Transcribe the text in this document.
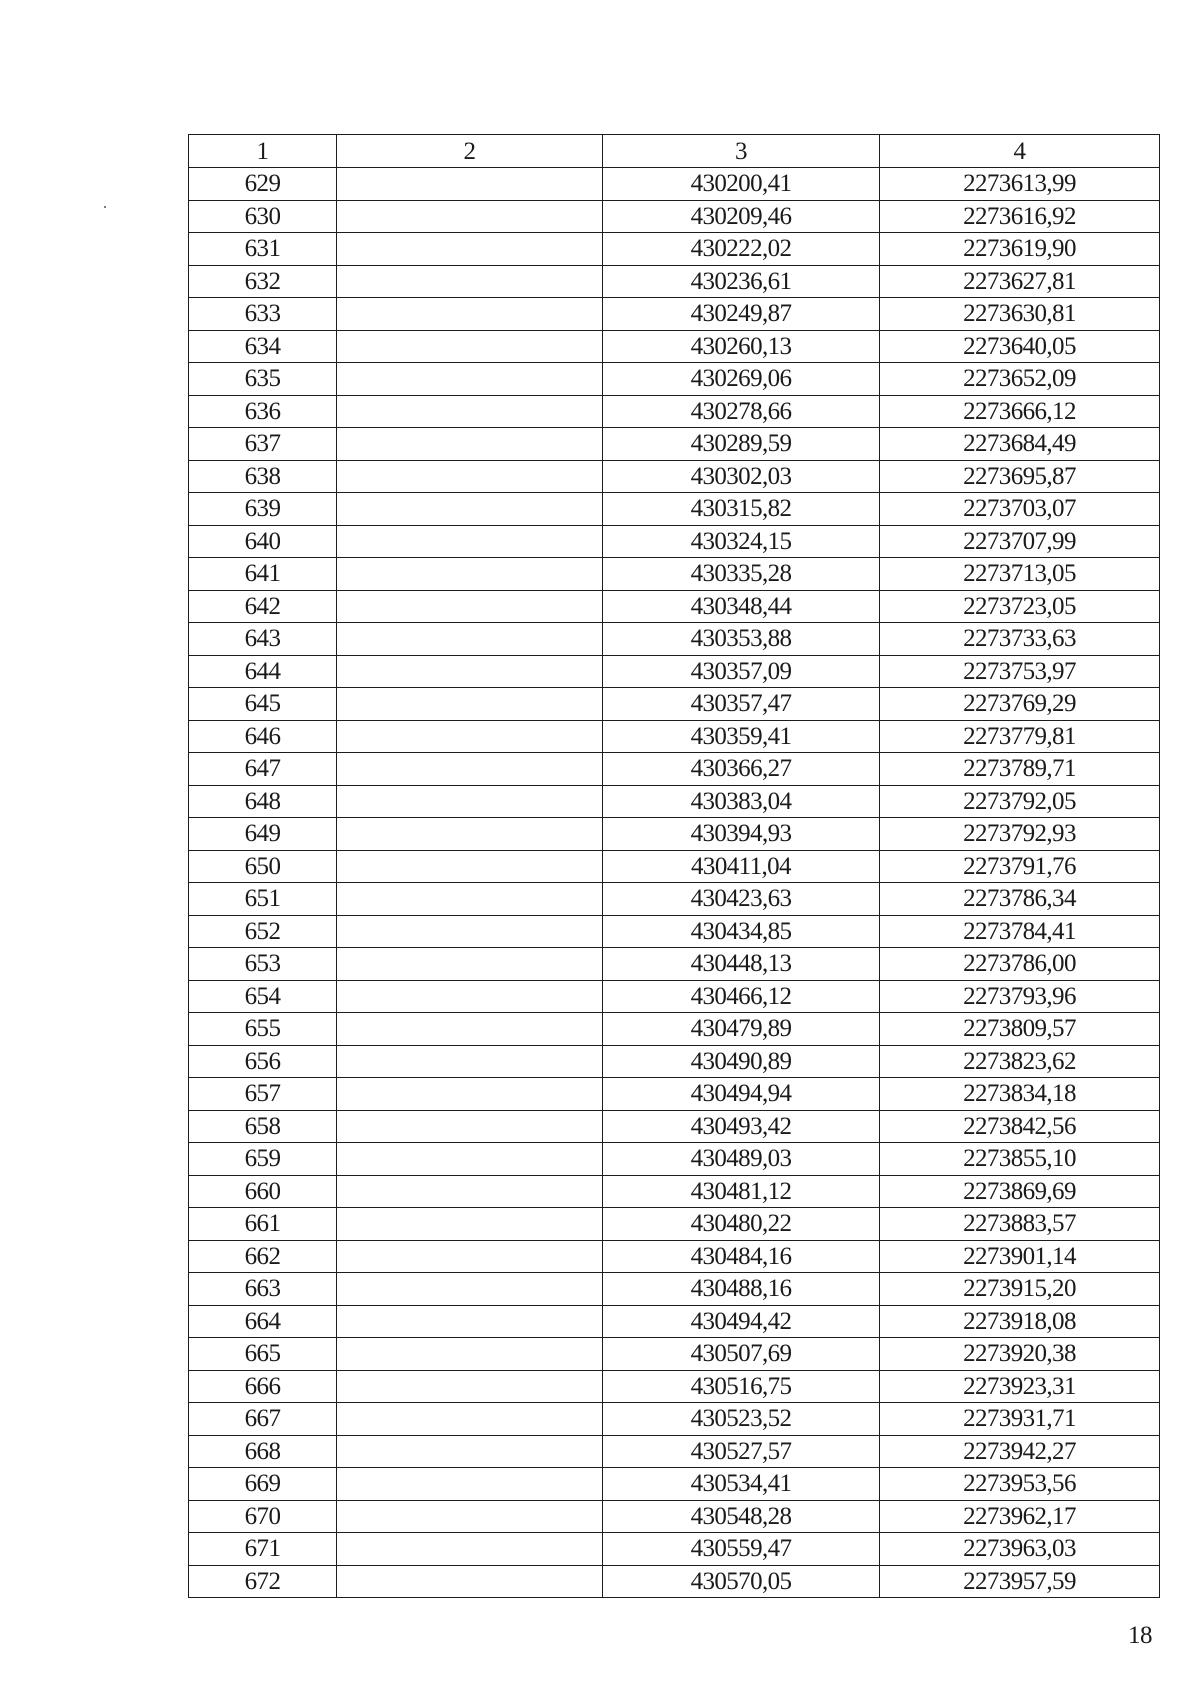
1	2	3	4
629		430200,41	2273613,99
630		430209,46	2273616,92
631		430222,02	2273619,90
632		430236,61	2273627,81
633		430249,87	2273630,81
634		430260,13	2273640,05
635		430269,06	2273652,09
636		430278,66	2273666,12
637		430289,59	2273684,49
638		430302,03	2273695,87
639		430315,82	2273703,07
640		430324,15	2273707,99
641		430335,28	2273713,05
642		430348,44	2273723,05
643		430353,88	2273733,63
644		430357,09	2273753,97
645		430357,47	2273769,29
646		430359,41	2273779,81
647		430366,27	2273789,71
648		430383,04	2273792,05
649		430394,93	2273792,93
650		430411,04	2273791,76
651		430423,63	2273786,34
652		430434,85	2273784,41
653		430448,13	2273786,00
654		430466,12	2273793,96
655		430479,89	2273809,57
656		430490,89	2273823,62
657		430494,94	2273834,18
658		430493,42	2273842,56
659		430489,03	2273855,10
660		430481,12	2273869,69
661		430480,22	2273883,57
662		430484,16	2273901,14
663		430488,16	2273915,20
664		430494,42	2273918,08
665		430507,69	2273920,38
666		430516,75	2273923,31
667		430523,52	2273931,71
668		430527,57	2273942,27
669		430534,41	2273953,56
670		430548,28	2273962,17
671		430559,47	2273963,03
672		430570,05	2273957,59
18
